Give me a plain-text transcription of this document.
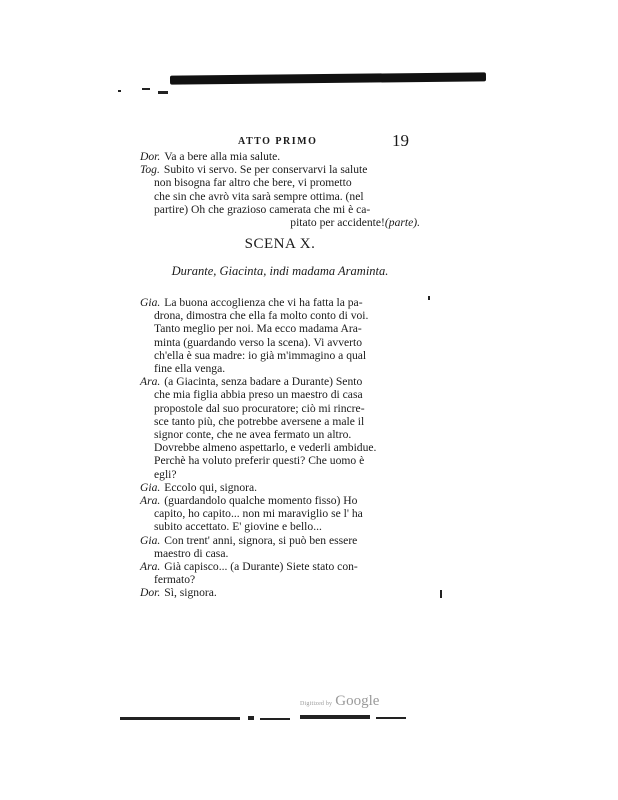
ATTO PRIMO	19

Dor. Va a bere alla mia salute.

Tog. Subito vi servo. Se per conservarvi la salute
non bisogna far altro che bere, vi prometto
che sin che avrò vita sarà sempre ottima. (nel
partire) Oh che grazioso camerata che mi è ca-
pitato per accidente! (parte).

SCENA X.
Durante, Giacinta, indi madama Araminta.

Gia. La buona accoglienza che vi ha fatta la pa-
drona, dimostra che ella fa molto conto di voi.
Tanto meglio per noi. Ma ecco madama Ara-
minta (guardando verso la scena). Vi avverto
ch'ella è sua madre: io già m'immagino a qual
fine ella venga.

Ara. (a Giacinta, senza badare a Durante) Sento
che mia figlia abbia preso un maestro di casa
propostole dal suo procuratore; ciò mi rincre-
sce tanto più, che potrebbe aversene a male il
signor conte, che ne avea fermato un altro.
Dovrebbe almeno aspettarlo, e vederli ambidue.
Perchè ha voluto preferir questi? Che uomo è
egli?

Gia. Eccolo qui, signora.

Ara. (guardandolo qualche momento fisso) Ho
capito, ho capito... non mi maraviglio se l' ha
subito accettato. E' giovine e bello...

Gia. Con trent' anni, signora, si può ben essere
maestro di casa.

Ara. Già capisco... (a Durante) Siete stato con-
fermato?

Dor. Sì, signora.

Digitized by Google
